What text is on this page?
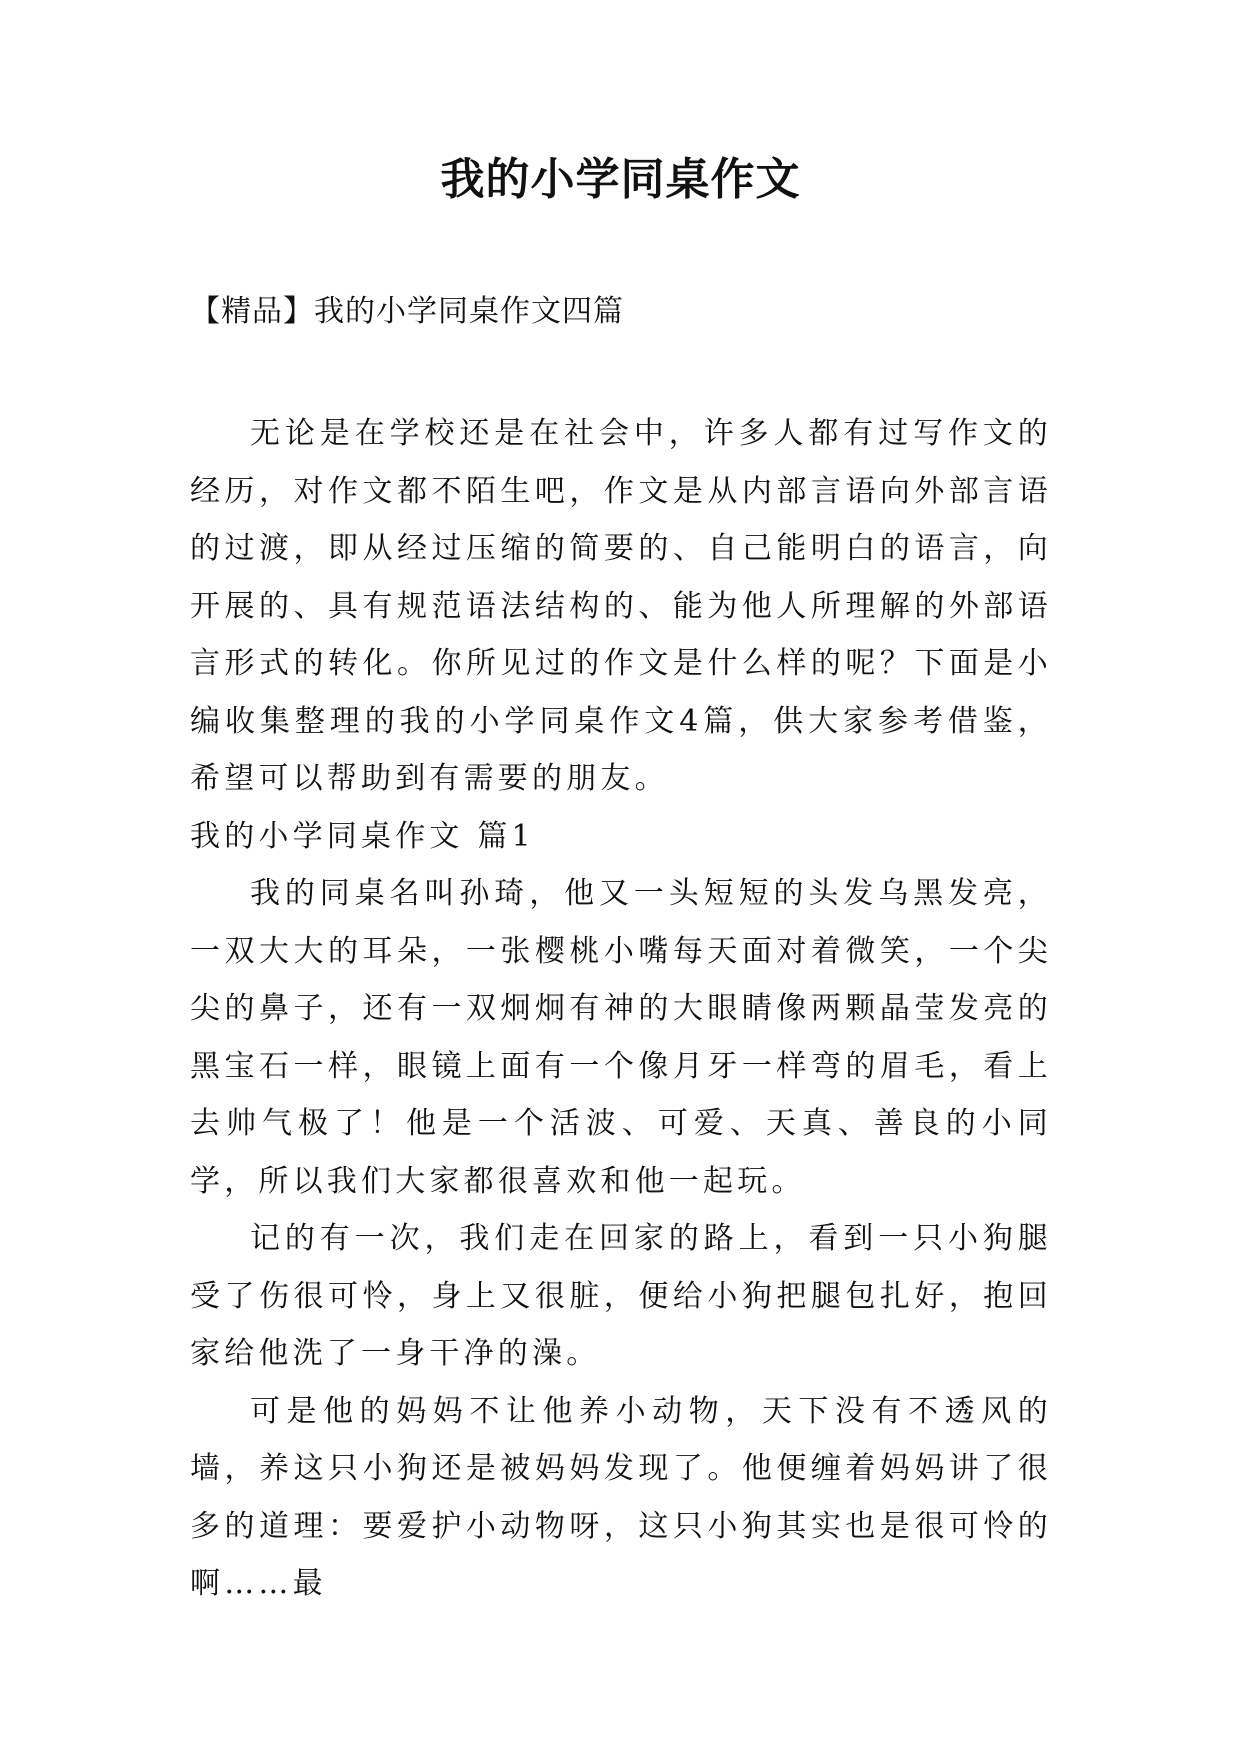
我的小学同桌作文
【精品】我的小学同桌作文四篇

无论是在学校还是在社会中，许多人都有过写作文的经历，对作文都不陌生吧，作文是从内部言语向外部言语的过渡，即从经过压缩的简要的、自己能明白的语言，向开展的、具有规范语法结构的、能为他人所理解的外部语言形式的转化。你所见过的作文是什么样的呢？下面是小编收集整理的我的小学同桌作文4篇，供大家参考借鉴，希望可以帮助到有需要的朋友。

我的小学同桌作文 篇1

我的同桌名叫孙琦，他又一头短短的头发乌黑发亮，一双大大的耳朵，一张樱桃小嘴每天面对着微笑，一个尖尖的鼻子，还有一双炯炯有神的大眼睛像两颗晶莹发亮的黑宝石一样，眼镜上面有一个像月牙一样弯的眉毛，看上去帅气极了！他是一个活波、可爱、天真、善良的小同学，所以我们大家都很喜欢和他一起玩。

记的有一次，我们走在回家的路上，看到一只小狗腿受了伤很可怜，身上又很脏，便给小狗把腿包扎好，抱回家给他洗了一身干净的澡。

可是他的妈妈不让他养小动物，天下没有不透风的墙，养这只小狗还是被妈妈发现了。他便缠着妈妈讲了很多的道理：要爱护小动物呀，这只小狗其实也是很可怜的啊……最
